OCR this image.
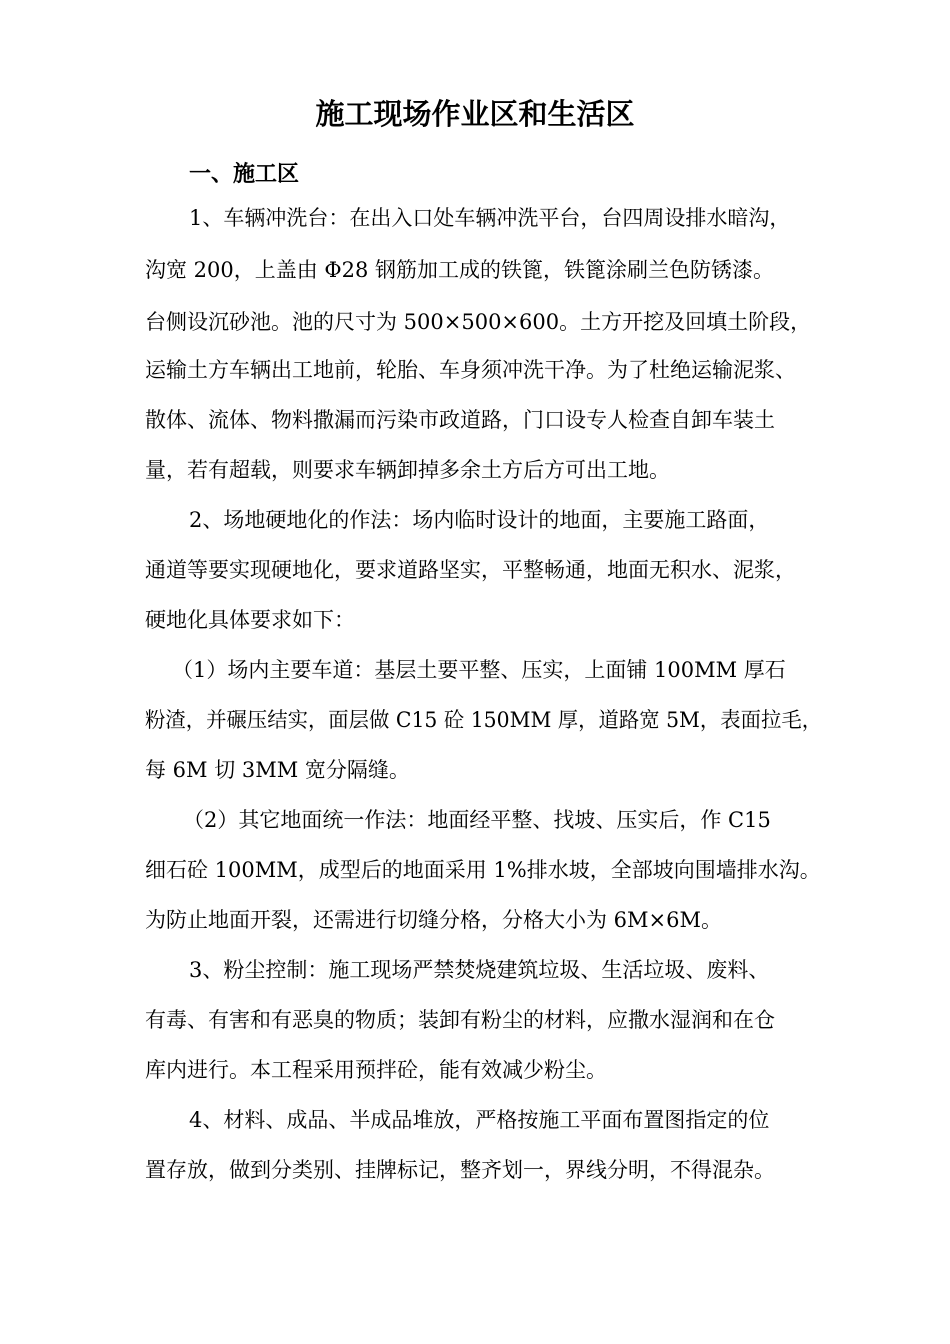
施工现场作业区和生活区
一、施工区
1、车辆冲洗台：在出入口处车辆冲洗平台，台四周设排水暗沟，
沟宽 200，上盖由 Φ28 钢筋加工成的铁篦，铁篦涂刷兰色防锈漆。
台侧设沉砂池。池的尺寸为 500×500×600。土方开挖及回填土阶段，
运输土方车辆出工地前，轮胎、车身须冲洗干净。为了杜绝运输泥浆、
散体、流体、物料撒漏而污染市政道路，门口设专人检查自卸车装土
量，若有超载，则要求车辆卸掉多余土方后方可出工地。
2、场地硬地化的作法：场内临时设计的地面，主要施工路面，
通道等要实现硬地化，要求道路坚实，平整畅通，地面无积水、泥浆，
硬地化具体要求如下：
（1）场内主要车道：基层土要平整、压实，上面铺 100MM 厚石
粉渣，并碾压结实，面层做 C15 砼 150MM 厚，道路宽 5M，表面拉毛，
每 6M 切 3MM 宽分隔缝。
（2）其它地面统一作法：地面经平整、找坡、压实后，作 C15
细石砼 100MM，成型后的地面采用 1%排水坡，全部坡向围墙排水沟。
为防止地面开裂，还需进行切缝分格，分格大小为 6M×6M。
3、粉尘控制：施工现场严禁焚烧建筑垃圾、生活垃圾、废料、
有毒、有害和有恶臭的物质；装卸有粉尘的材料，应撒水湿润和在仓
库内进行。本工程采用预拌砼，能有效减少粉尘。
4、材料、成品、半成品堆放，严格按施工平面布置图指定的位
置存放，做到分类别、挂牌标记，整齐划一，界线分明，不得混杂。
